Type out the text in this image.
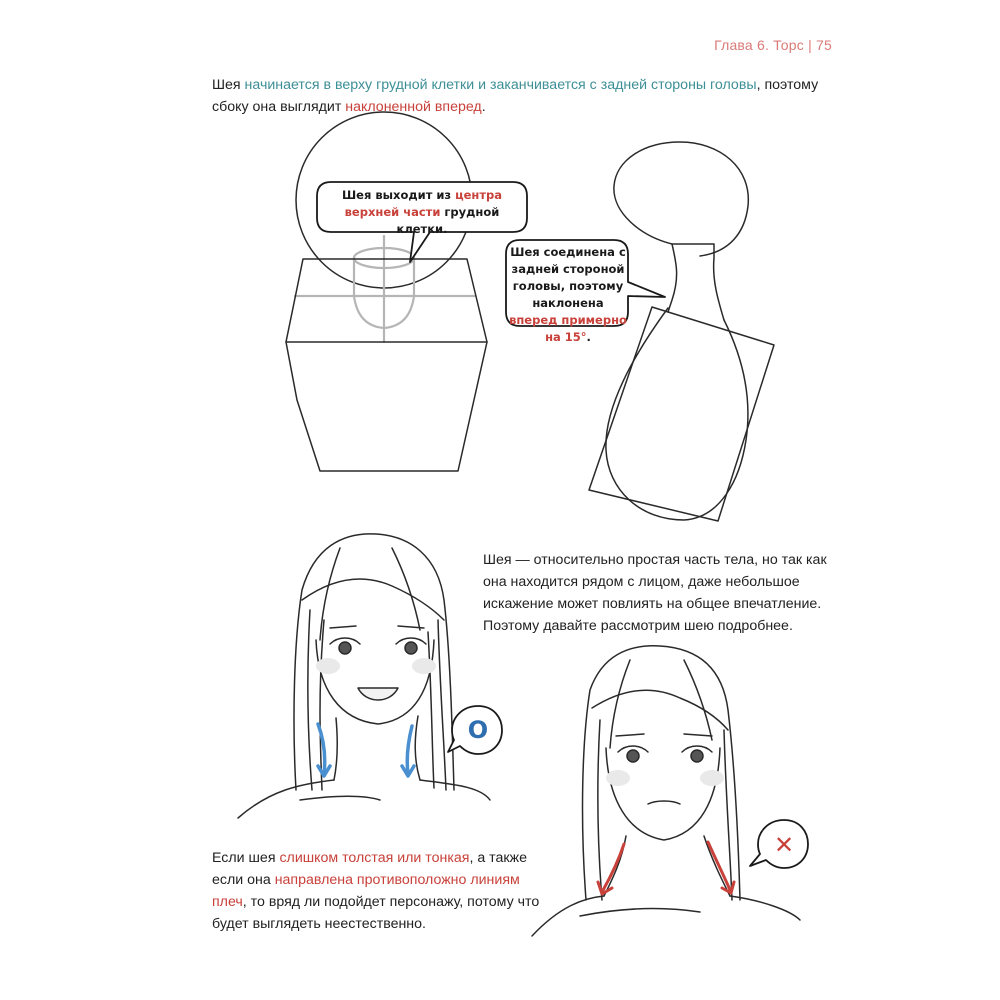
Глава 6. Торс | 75
Шея начинается в верху грудной клетки и заканчивается с задней стороны головы, поэтому сбоку она выглядит наклоненной вперед.
O
✕
Шея выходит из центра верхней части грудной клетки.
Шея соединена с задней стороной головы, поэтому наклонена вперед примерно на 15°.
Шея — относительно простая часть тела, но так как она находится рядом с лицом, даже небольшое искажение может повлиять на общее впечатление. Поэтому давайте рассмотрим шею подробнее.
Если шея слишком толстая или тонкая, а также если она направлена противоположно линиям плеч, то вряд ли подойдет персонажу, потому что будет выглядеть неестественно.
